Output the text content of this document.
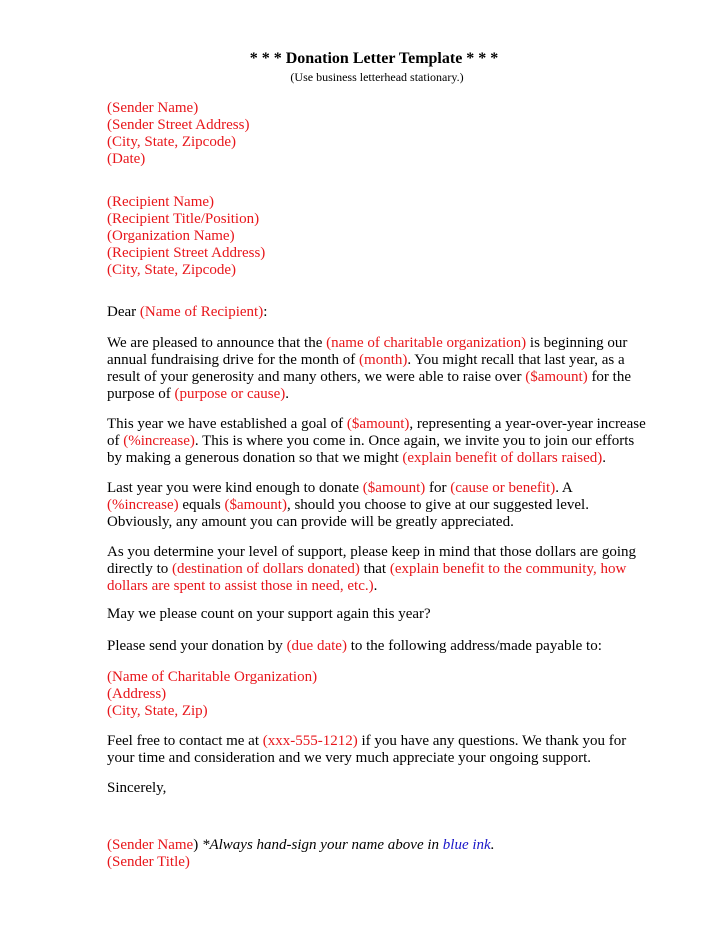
* * * Donation Letter Template * * *
(Use business letterhead stationary.)
(Sender Name)
(Sender Street Address)
(City, State, Zipcode)
(Date)
(Recipient Name)
(Recipient Title/Position)
(Organization Name)
(Recipient Street Address)
(City, State, Zipcode)
Dear (Name of Recipient):
We are pleased to announce that the (name of charitable organization) is beginning our
annual fundraising drive for the month of (month). You might recall that last year, as a
result of your generosity and many others, we were able to raise over ($amount) for the
purpose of (purpose or cause).
This year we have established a goal of ($amount), representing a year-over-year increase
of (%increase). This is where you come in. Once again, we invite you to join our efforts
by making a generous donation so that we might (explain benefit of dollars raised).
Last year you were kind enough to donate ($amount) for (cause or benefit). A
(%increase) equals ($amount), should you choose to give at our suggested level.
Obviously, any amount you can provide will be greatly appreciated.
As you determine your level of support, please keep in mind that those dollars are going
directly to (destination of dollars donated) that (explain benefit to the community, how
dollars are spent to assist those in need, etc.).
May we please count on your support again this year?
Please send your donation by (due date) to the following address/made payable to:
(Name of Charitable Organization)
(Address)
(City, State, Zip)
Feel free to contact me at (xxx-555-1212) if you have any questions. We thank you for
your time and consideration and we very much appreciate your ongoing support.
Sincerely,
(Sender Name) *Always hand-sign your name above in blue ink.
(Sender Title)
